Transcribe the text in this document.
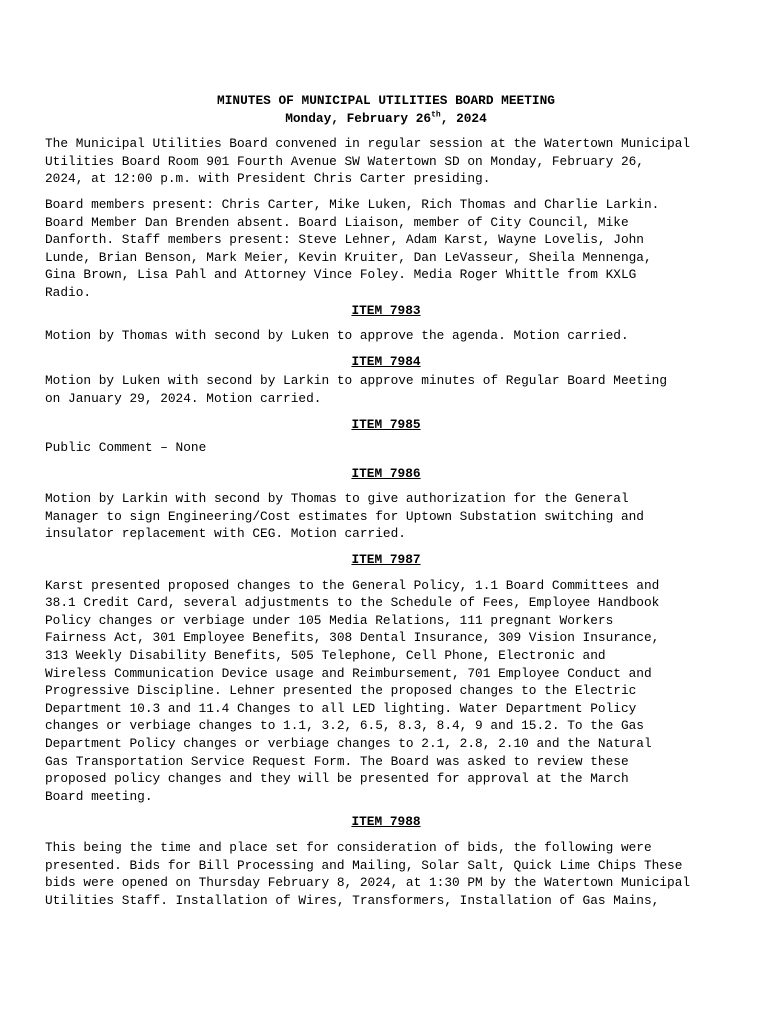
MINUTES OF MUNICIPAL UTILITIES BOARD MEETING
Monday, February 26th, 2024

The Municipal Utilities Board convened in regular session at the Watertown Municipal
Utilities Board Room 901 Fourth Avenue SW Watertown SD on Monday, February 26,
2024, at 12:00 p.m. with President Chris Carter presiding.

Board members present: Chris Carter, Mike Luken, Rich Thomas and Charlie Larkin.
Board Member Dan Brenden absent. Board Liaison, member of City Council, Mike
Danforth. Staff members present: Steve Lehner, Adam Karst, Wayne Lovelis, John
Lunde, Brian Benson, Mark Meier, Kevin Kruiter, Dan LeVasseur, Sheila Mennenga,
Gina Brown, Lisa Pahl and Attorney Vince Foley. Media Roger Whittle from KXLG
Radio.

ITEM 7983

Motion by Thomas with second by Luken to approve the agenda. Motion carried.

ITEM 7984

Motion by Luken with second by Larkin to approve minutes of Regular Board Meeting
on January 29, 2024. Motion carried.

ITEM 7985

Public Comment – None

ITEM 7986

Motion by Larkin with second by Thomas to give authorization for the General
Manager to sign Engineering/Cost estimates for Uptown Substation switching and
insulator replacement with CEG. Motion carried.

ITEM 7987

Karst presented proposed changes to the General Policy, 1.1 Board Committees and
38.1 Credit Card, several adjustments to the Schedule of Fees, Employee Handbook
Policy changes or verbiage under 105 Media Relations, 111 pregnant Workers
Fairness Act, 301 Employee Benefits, 308 Dental Insurance, 309 Vision Insurance,
313 Weekly Disability Benefits, 505 Telephone, Cell Phone, Electronic and
Wireless Communication Device usage and Reimbursement, 701 Employee Conduct and
Progressive Discipline. Lehner presented the proposed changes to the Electric
Department 10.3 and 11.4 Changes to all LED lighting. Water Department Policy
changes or verbiage changes to 1.1, 3.2, 6.5, 8.3, 8.4, 9 and 15.2. To the Gas
Department Policy changes or verbiage changes to 2.1, 2.8, 2.10 and the Natural
Gas Transportation Service Request Form. The Board was asked to review these
proposed policy changes and they will be presented for approval at the March
Board meeting.

ITEM 7988

This being the time and place set for consideration of bids, the following were
presented. Bids for Bill Processing and Mailing, Solar Salt, Quick Lime Chips These
bids were opened on Thursday February 8, 2024, at 1:30 PM by the Watertown Municipal
Utilities Staff. Installation of Wires, Transformers, Installation of Gas Mains,
